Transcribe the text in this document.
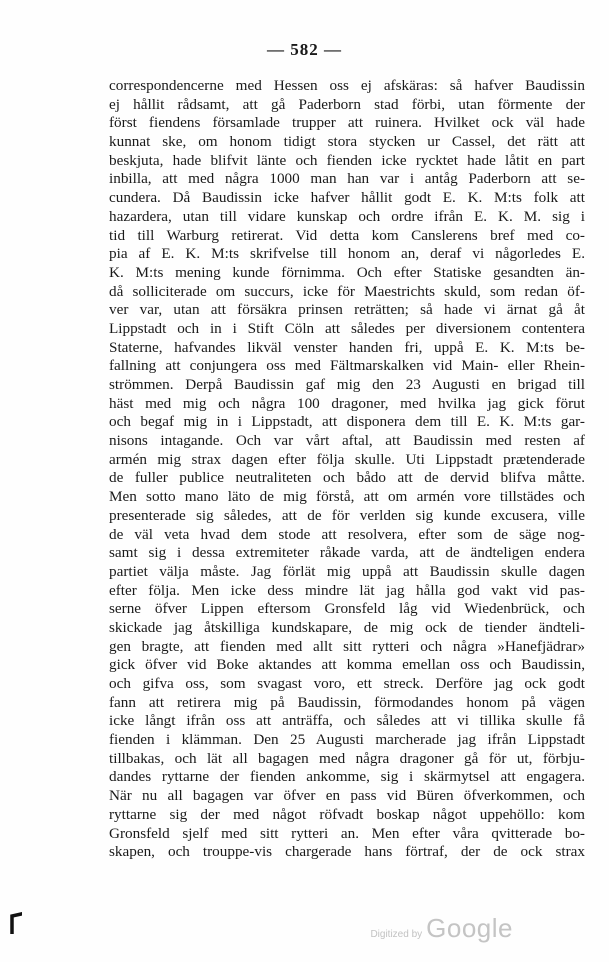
— 582 —
correspondencerne med Hessen oss ej afskäras: så hafver Baudissin
ej hållit rådsamt, att gå Paderborn stad förbi, utan förmente der
först fiendens församlade trupper att ruinera. Hvilket ock väl hade
kunnat ske, om honom tidigt stora stycken ur Cassel, det rätt att
beskjuta, hade blifvit länte och fienden icke rycktet hade låtit en part
inbilla, att med några 1000 man han var i antåg Paderborn att se-
cundera. Då Baudissin icke hafver hållit godt E. K. M:ts folk att
hazardera, utan till vidare kunskap och ordre ifrån E. K. M. sig i
tid till Warburg retirerat. Vid detta kom Canslerens bref med co-
pia af E. K. M:ts skrifvelse till honom an, deraf vi någorledes E.
K. M:ts mening kunde förnimma. Och efter Statiske gesandten än-
då solliciterade om succurs, icke för Maestrichts skuld, som redan öf-
ver var, utan att försäkra prinsen reträtten; så hade vi ärnat gå åt
Lippstadt och in i Stift Cöln att således per diversionem contentera
Staterne, hafvandes likväl venster handen fri, uppå E. K. M:ts be-
fallning att conjungera oss med Fältmarskalken vid Main- eller Rhein-
strömmen. Derpå Baudissin gaf mig den 23 Augusti en brigad till
häst med mig och några 100 dragoner, med hvilka jag gick förut
och begaf mig in i Lippstadt, att disponera dem till E. K. M:ts gar-
nisons intagande. Och var vårt aftal, att Baudissin med resten af
armén mig strax dagen efter följa skulle. Uti Lippstadt prætenderade
de fuller publice neutraliteten och bådo att de dervid blifva måtte.
Men sotto mano läto de mig förstå, att om armén vore tillstädes och
presenterade sig således, att de för verlden sig kunde excusera, ville
de väl veta hvad dem stode att resolvera, efter som de säge nog-
samt sig i dessa extremiteter råkade varda, att de ändteligen endera
partiet välja måste. Jag förlät mig uppå att Baudissin skulle dagen
efter följa. Men icke dess mindre lät jag hålla god vakt vid pas-
serne öfver Lippen eftersom Gronsfeld låg vid Wiedenbrück, och
skickade jag åtskilliga kundskapare, de mig ock de tiender ändteli-
gen bragte, att fienden med allt sitt rytteri och några »Hanefjädrar»
gick öfver vid Boke aktandes att komma emellan oss och Baudissin,
och gifva oss, som svagast voro, ett streck. Derföre jag ock godt
fann att retirera mig på Baudissin, förmodandes honom på vägen
icke långt ifrån oss att anträffa, och således att vi tillika skulle få
fienden i klämman. Den 25 Augusti marcherade jag ifrån Lippstadt
tillbakas, och lät all bagagen med några dragoner gå för ut, förbju-
dandes ryttarne der fienden ankomme, sig i skärmytsel att engagera.
När nu all bagagen var öfver en pass vid Büren öfverkommen, och
ryttarne sig der med något röfvadt boskap något uppehöllo: kom
Gronsfeld sjelf med sitt rytteri an. Men efter våra qvitterade bo-
skapen, och trouppe-vis chargerade hans förtraf, der de ock strax
Digitized by Google
